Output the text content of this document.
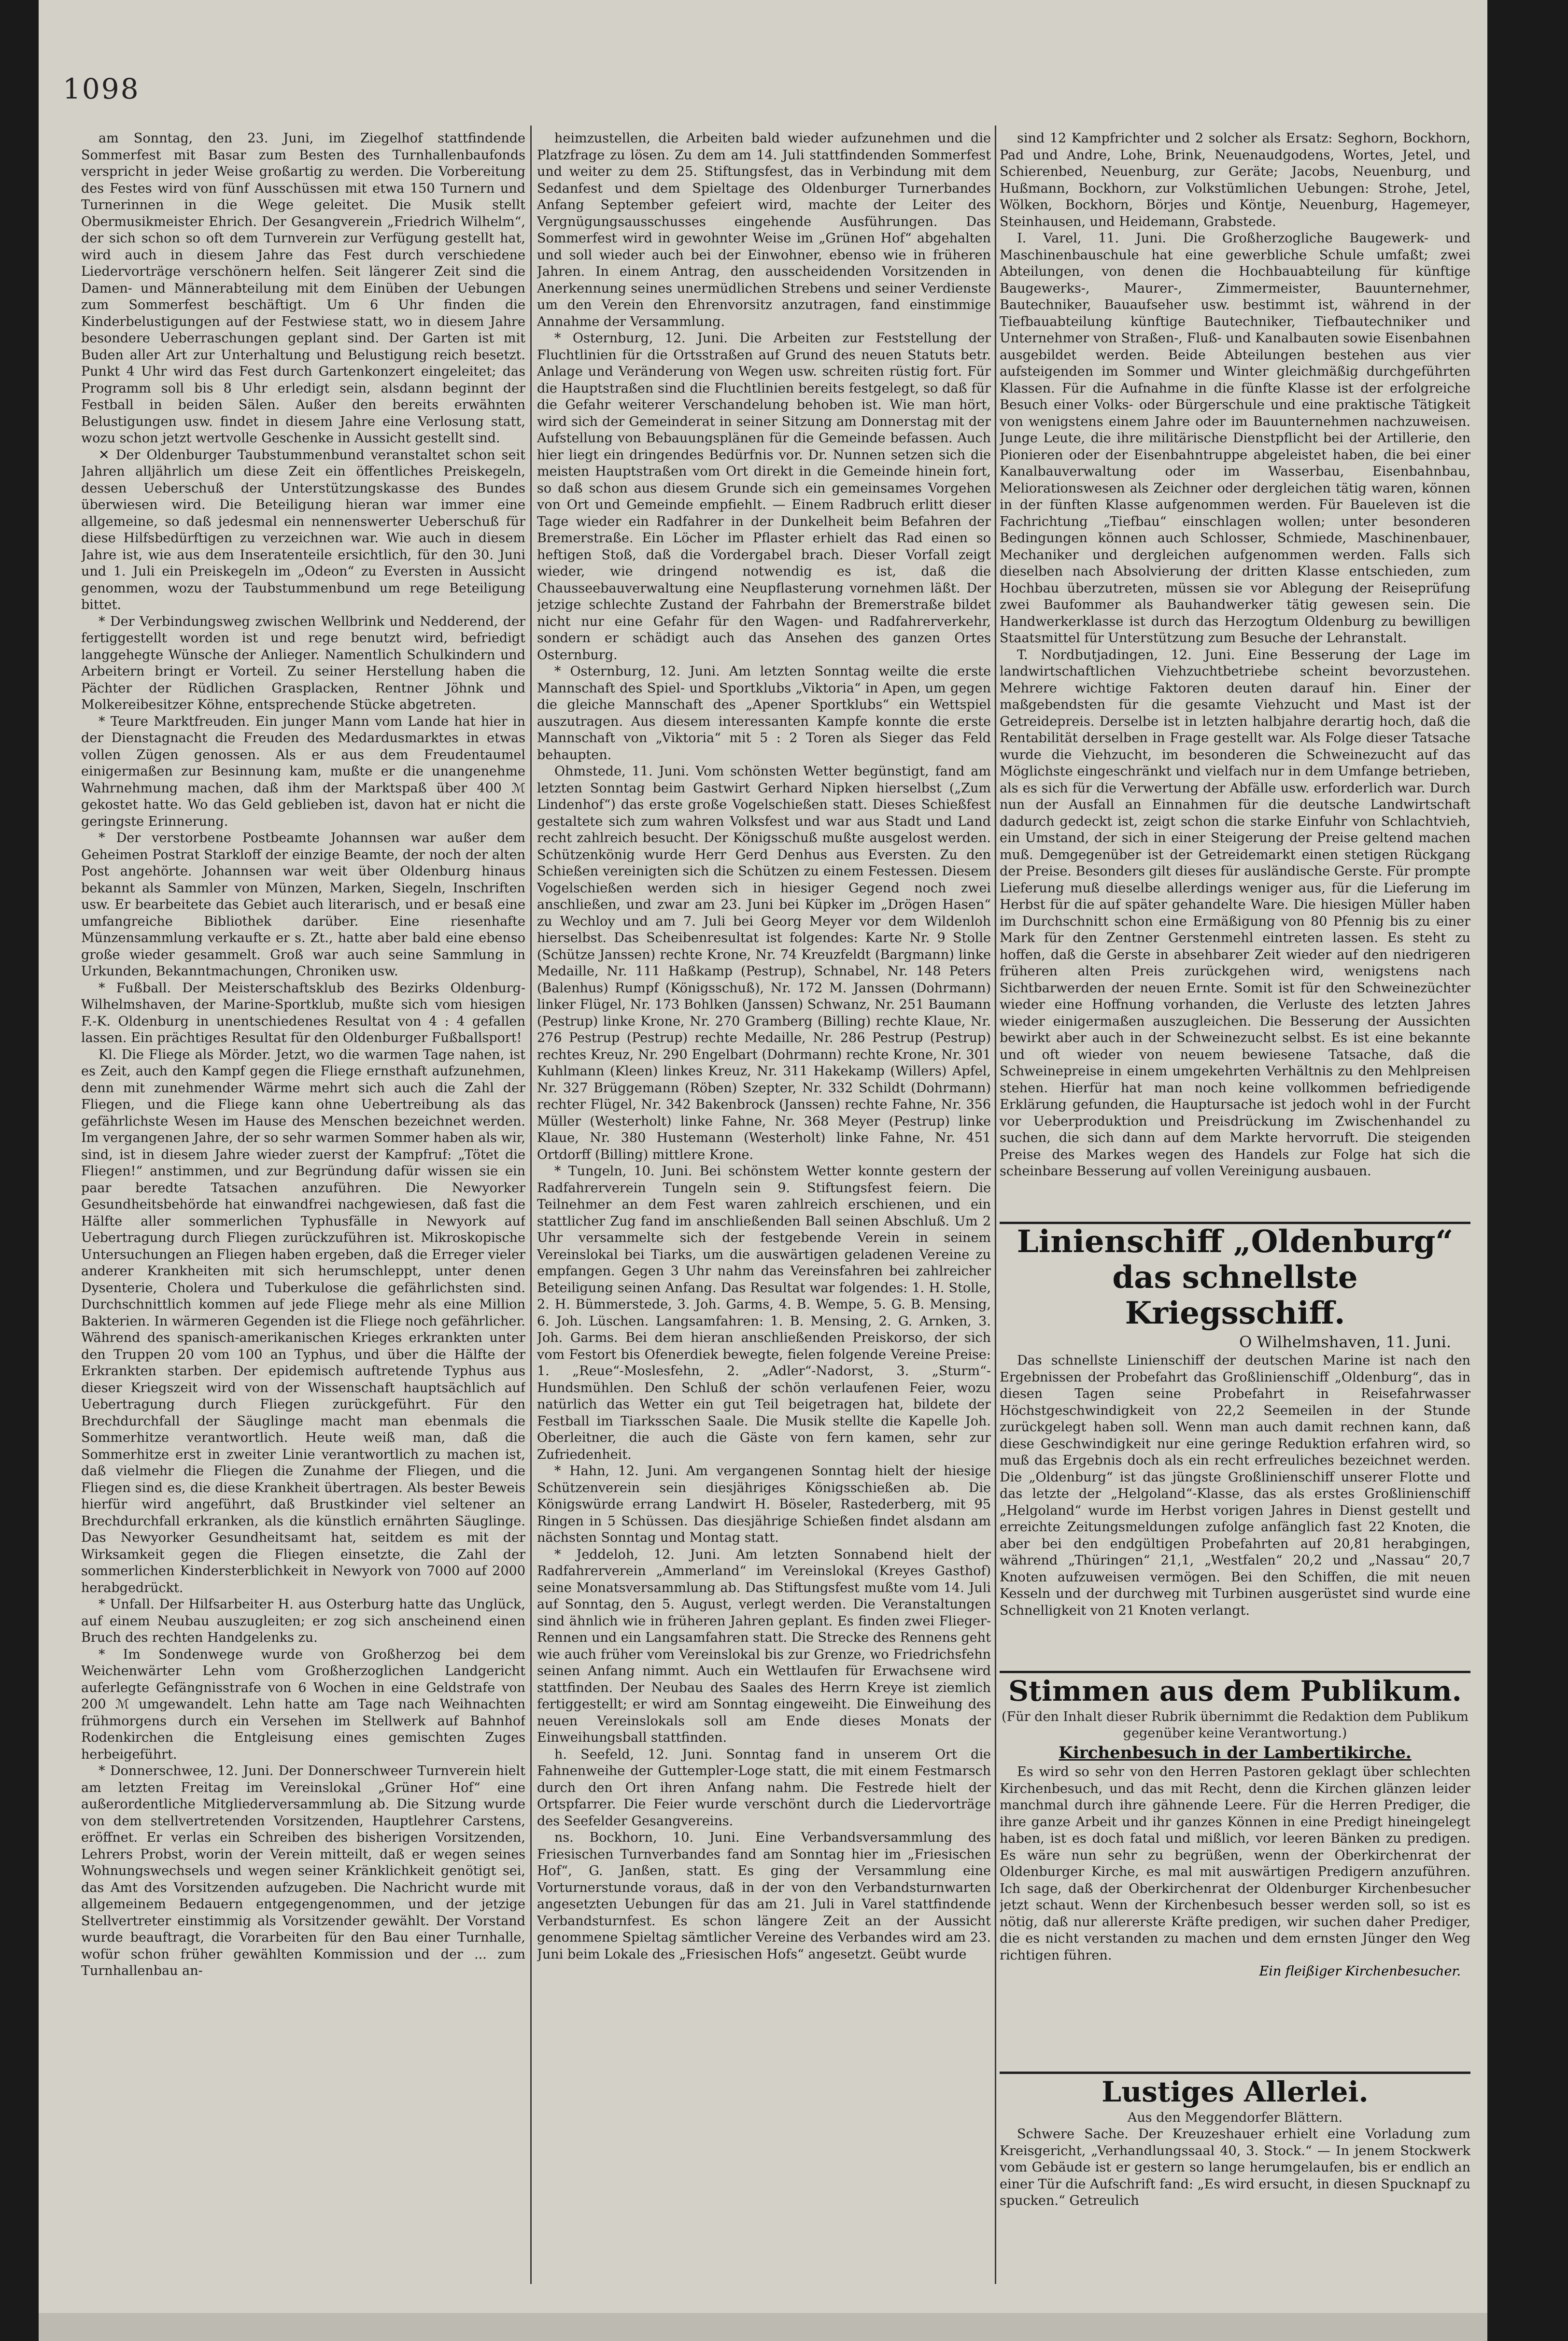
1098

am Sonntag, den 23. Juni, im Ziegelhof stattfindende Sommerfest mit Basar zum Besten des Turnhallenbaufonds verspricht in jeder Weise großartig zu werden. Die Vorbereitung des Festes wird von fünf Ausschüssen mit etwa 150 Turnern und Turnerinnen in die Wege geleitet. Die Musik stellt Obermusikmeister Ehrich. Der Gesangverein „Friedrich Wilhelm“, der sich schon so oft dem Turnverein zur Verfügung gestellt hat, wird auch in diesem Jahre das Fest durch verschiedene Liedervorträge verschönern helfen. Seit längerer Zeit sind die Damen- und Männerabteilung mit dem Einüben der Uebungen zum Sommerfest beschäftigt. Um 6 Uhr finden die Kinderbelustigungen auf der Festwiese statt, wo in diesem Jahre besondere Ueberraschungen geplant sind. Der Garten ist mit Buden aller Art zur Unterhaltung und Belustigung reich besetzt. Punkt 4 Uhr wird das Fest durch Gartenkonzert eingeleitet; das Programm soll bis 8 Uhr erledigt sein, alsdann beginnt der Festball in beiden Sälen. Außer den bereits erwähnten Belustigungen usw. findet in diesem Jahre eine Verlosung statt, wozu schon jetzt wertvolle Geschenke in Aussicht gestellt sind.

✕ Der Oldenburger Taubstummenbund veranstaltet schon seit Jahren alljährlich um diese Zeit ein öffentliches Preiskegeln, dessen Ueberschuß der Unterstützungskasse des Bundes überwiesen wird. Die Beteiligung hieran war immer eine allgemeine, so daß jedesmal ein nennenswerter Ueberschuß für diese Hilfsbedürftigen zu verzeichnen war. Wie auch in diesem Jahre ist, wie aus dem Inseratenteile ersichtlich, für den 30. Juni und 1. Juli ein Preiskegeln im „Odeon“ zu Eversten in Aussicht genommen, wozu der Taubstummenbund um rege Beteiligung bittet.

* Der Verbindungsweg zwischen Wellbrink und Nedderend, der fertiggestellt worden ist und rege benutzt wird, befriedigt langgehegte Wünsche der Anlieger. Namentlich Schulkindern und Arbeitern bringt er Vorteil. Zu seiner Herstellung haben die Pächter der Rüdlichen Grasplacken, Rentner Jöhnk und Molkereibesitzer Köhne, entsprechende Stücke abgetreten.

* Teure Marktfreuden. Ein junger Mann vom Lande hat hier in der Dienstagnacht die Freuden des Medardusmarktes in etwas vollen Zügen genossen. Als er aus dem Freudentaumel einigermaßen zur Besinnung kam, mußte er die unangenehme Wahrnehmung machen, daß ihm der Marktspaß über 400 ℳ gekostet hatte. Wo das Geld geblieben ist, davon hat er nicht die geringste Erinnerung.

* Der verstorbene Postbeamte Johannsen war außer dem Geheimen Postrat Starkloff der einzige Beamte, der noch der alten Post angehörte. Johannsen war weit über Oldenburg hinaus bekannt als Sammler von Münzen, Marken, Siegeln, Inschriften usw. Er bearbeitete das Gebiet auch literarisch, und er besaß eine umfangreiche Bibliothek darüber. Eine riesenhafte Münzensammlung verkaufte er s. Zt., hatte aber bald eine ebenso große wieder gesammelt. Groß war auch seine Sammlung in Urkunden, Bekanntmachungen, Chroniken usw.

* Fußball. Der Meisterschaftsklub des Bezirks Oldenburg-Wilhelmshaven, der Marine-Sportklub, mußte sich vom hiesigen F.-K. Oldenburg in unentschiedenes Resultat von 4 : 4 gefallen lassen. Ein prächtiges Resultat für den Oldenburger Fußballsport!

Kl. Die Fliege als Mörder. Jetzt, wo die warmen Tage nahen, ist es Zeit, auch den Kampf gegen die Fliege ernsthaft aufzunehmen, denn mit zunehmender Wärme mehrt sich auch die Zahl der Fliegen, und die Fliege kann ohne Uebertreibung als das gefährlichste Wesen im Hause des Menschen bezeichnet werden. Im vergangenen Jahre, der so sehr warmen Sommer haben als wir, sind, ist in diesem Jahre wieder zuerst der Kampfruf: „Tötet die Fliegen!“ anstimmen, und zur Begründung dafür wissen sie ein paar beredte Tatsachen anzuführen. Die Newyorker Gesundheitsbehörde hat einwandfrei nachgewiesen, daß fast die Hälfte aller sommerlichen Typhusfälle in Newyork auf Uebertragung durch Fliegen zurückzuführen ist. Mikroskopische Untersuchungen an Fliegen haben ergeben, daß die Erreger vieler anderer Krankheiten mit sich herumschleppt, unter denen Dysenterie, Cholera und Tuberkulose die gefährlichsten sind. Durchschnittlich kommen auf jede Fliege mehr als eine Million Bakterien. In wärmeren Gegenden ist die Fliege noch gefährlicher. Während des spanisch-amerikanischen Krieges erkrankten unter den Truppen 20 vom 100 an Typhus, und über die Hälfte der Erkrankten starben. Der epidemisch auftretende Typhus aus dieser Kriegszeit wird von der Wissenschaft hauptsächlich auf Uebertragung durch Fliegen zurückgeführt. Für den Brechdurchfall der Säuglinge macht man ebenmals die Sommerhitze verantwortlich. Heute weiß man, daß die Sommerhitze erst in zweiter Linie verantwortlich zu machen ist, daß vielmehr die Fliegen die Zunahme der Fliegen, und die Fliegen sind es, die diese Krankheit übertragen. Als bester Beweis hierfür wird angeführt, daß Brustkinder viel seltener an Brechdurchfall erkranken, als die künstlich ernährten Säuglinge. Das Newyorker Gesundheitsamt hat, seitdem es mit der Wirksamkeit gegen die Fliegen einsetzte, die Zahl der sommerlichen Kindersterblichkeit in Newyork von 7000 auf 2000 herabgedrückt.

* Unfall. Der Hilfsarbeiter H. aus Osterburg hatte das Unglück, auf einem Neubau auszugleiten; er zog sich anscheinend einen Bruch des rechten Handgelenks zu.

* Im Sondenwege wurde von Großherzog bei dem Weichenwärter Lehn vom Großherzoglichen Landgericht auferlegte Gefängnisstrafe von 6 Wochen in eine Geldstrafe von 200 ℳ umgewandelt. Lehn hatte am Tage nach Weihnachten frühmorgens durch ein Versehen im Stellwerk auf Bahnhof Rodenkirchen die Entgleisung eines gemischten Zuges herbeigeführt.

* Donnerschwee, 12. Juni. Der Donnerschweer Turnverein hielt am letzten Freitag im Vereinslokal „Grüner Hof“ eine außerordentliche Mitgliederversammlung ab. Die Sitzung wurde von dem stellvertretenden Vorsitzenden, Hauptlehrer Carstens, eröffnet. Er verlas ein Schreiben des bisherigen Vorsitzenden, Lehrers Probst, worin der Verein mitteilt, daß er wegen seines Wohnungswechsels und wegen seiner Kränklichkeit genötigt sei, das Amt des Vorsitzenden aufzugeben. Die Nachricht wurde mit allgemeinem Bedauern entgegengenommen, und der jetzige Stellvertreter einstimmig als Vorsitzender gewählt. Der Vorstand wurde beauftragt, die Vorarbeiten für den Bau einer Turnhalle, wofür schon früher gewählten Kommission und der ... zum Turnhallenbau an-

heimzustellen, die Arbeiten bald wieder aufzunehmen und die Platzfrage zu lösen. Zu dem am 14. Juli stattfindenden Sommerfest und weiter zu dem 25. Stiftungsfest, das in Verbindung mit dem Sedanfest und dem Spieltage des Oldenburger Turnerbandes Anfang September gefeiert wird, machte der Leiter des Vergnügungsausschusses eingehende Ausführungen. Das Sommerfest wird in gewohnter Weise im „Grünen Hof“ abgehalten und soll wieder auch bei der Einwohner, ebenso wie in früheren Jahren. In einem Antrag, den ausscheidenden Vorsitzenden in Anerkennung seines unermüdlichen Strebens und seiner Verdienste um den Verein den Ehrenvorsitz anzutragen, fand einstimmige Annahme der Versammlung.

* Osternburg, 12. Juni. Die Arbeiten zur Feststellung der Fluchtlinien für die Ortsstraßen auf Grund des neuen Statuts betr. Anlage und Veränderung von Wegen usw. schreiten rüstig fort. Für die Hauptstraßen sind die Fluchtlinien bereits festgelegt, so daß für die Gefahr weiterer Verschandelung behoben ist. Wie man hört, wird sich der Gemeinderat in seiner Sitzung am Donnerstag mit der Aufstellung von Bebauungsplänen für die Gemeinde befassen. Auch hier liegt ein dringendes Bedürfnis vor. Dr. Nunnen setzen sich die meisten Hauptstraßen vom Ort direkt in die Gemeinde hinein fort, so daß schon aus diesem Grunde sich ein gemeinsames Vorgehen von Ort und Gemeinde empfiehlt. — Einem Radbruch erlitt dieser Tage wieder ein Radfahrer in der Dunkelheit beim Befahren der Bremerstraße. Ein Löcher im Pflaster erhielt das Rad einen so heftigen Stoß, daß die Vordergabel brach. Dieser Vorfall zeigt wieder, wie dringend notwendig es ist, daß die Chausseebauverwaltung eine Neupflasterung vornehmen läßt. Der jetzige schlechte Zustand der Fahrbahn der Bremerstraße bildet nicht nur eine Gefahr für den Wagen- und Radfahrerverkehr, sondern er schädigt auch das Ansehen des ganzen Ortes Osternburg.

* Osternburg, 12. Juni. Am letzten Sonntag weilte die erste Mannschaft des Spiel- und Sportklubs „Viktoria“ in Apen, um gegen die gleiche Mannschaft des „Apener Sportklubs“ ein Wettspiel auszutragen. Aus diesem interessanten Kampfe konnte die erste Mannschaft von „Viktoria“ mit 5 : 2 Toren als Sieger das Feld behaupten.

Ohmstede, 11. Juni. Vom schönsten Wetter begünstigt, fand am letzten Sonntag beim Gastwirt Gerhard Nipken hierselbst („Zum Lindenhof“) das erste große Vogelschießen statt. Dieses Schießfest gestaltete sich zum wahren Volksfest und war aus Stadt und Land recht zahlreich besucht. Der Königsschuß mußte ausgelost werden. Schützenkönig wurde Herr Gerd Denhus aus Eversten. Zu den Schießen vereinigten sich die Schützen zu einem Festessen. Diesem Vogelschießen werden sich in hiesiger Gegend noch zwei anschließen, und zwar am 23. Juni bei Küpker im „Drögen Hasen“ zu Wechloy und am 7. Juli bei Georg Meyer vor dem Wildenloh hierselbst. Das Scheibenresultat ist folgendes: Karte Nr. 9 Stolle (Schütze Janssen) rechte Krone, Nr. 74 Kreuzfeldt (Bargmann) linke Medaille, Nr. 111 Haßkamp (Pestrup), Schnabel, Nr. 148 Peters (Balenhus) Rumpf (Königsschuß), Nr. 172 M. Janssen (Dohrmann) linker Flügel, Nr. 173 Bohlken (Janssen) Schwanz, Nr. 251 Baumann (Pestrup) linke Krone, Nr. 270 Gramberg (Billing) rechte Klaue, Nr. 276 Pestrup (Pestrup) rechte Medaille, Nr. 286 Pestrup (Pestrup) rechtes Kreuz, Nr. 290 Engelbart (Dohrmann) rechte Krone, Nr. 301 Kuhlmann (Kleen) linkes Kreuz, Nr. 311 Hakekamp (Willers) Apfel, Nr. 327 Brüggemann (Röben) Szepter, Nr. 332 Schildt (Dohrmann) rechter Flügel, Nr. 342 Bakenbrock (Janssen) rechte Fahne, Nr. 356 Müller (Westerholt) linke Fahne, Nr. 368 Meyer (Pestrup) linke Klaue, Nr. 380 Hustemann (Westerholt) linke Fahne, Nr. 451 Ortdorff (Billing) mittlere Krone.

* Tungeln, 10. Juni. Bei schönstem Wetter konnte gestern der Radfahrerverein Tungeln sein 9. Stiftungsfest feiern. Die Teilnehmer an dem Fest waren zahlreich erschienen, und ein stattlicher Zug fand im anschließenden Ball seinen Abschluß. Um 2 Uhr versammelte sich der festgebende Verein in seinem Vereinslokal bei Tiarks, um die auswärtigen geladenen Vereine zu empfangen. Gegen 3 Uhr nahm das Vereinsfahren bei zahlreicher Beteiligung seinen Anfang. Das Resultat war folgendes: 1. H. Stolle, 2. H. Bümmerstede, 3. Joh. Garms, 4. B. Wempe, 5. G. B. Mensing, 6. Joh. Lüschen. Langsamfahren: 1. B. Mensing, 2. G. Arnken, 3. Joh. Garms. Bei dem hieran anschließenden Preiskorso, der sich vom Festort bis Ofenerdiek bewegte, fielen folgende Vereine Preise: 1. „Reue“-Moslesfehn, 2. „Adler“-Nadorst, 3. „Sturm“-Hundsmühlen. Den Schluß der schön verlaufenen Feier, wozu natürlich das Wetter ein gut Teil beigetragen hat, bildete der Festball im Tiarksschen Saale. Die Musik stellte die Kapelle Joh. Oberleitner, die auch die Gäste von fern kamen, sehr zur Zufriedenheit.

* Hahn, 12. Juni. Am vergangenen Sonntag hielt der hiesige Schützenverein sein diesjähriges Königsschießen ab. Die Königswürde errang Landwirt H. Böseler, Rastederberg, mit 95 Ringen in 5 Schüssen. Das diesjährige Schießen findet alsdann am nächsten Sonntag und Montag statt.

* Jeddeloh, 12. Juni. Am letzten Sonnabend hielt der Radfahrerverein „Ammerland“ im Vereinslokal (Kreyes Gasthof) seine Monatsversammlung ab. Das Stiftungsfest mußte vom 14. Juli auf Sonntag, den 5. August, verlegt werden. Die Veranstaltungen sind ähnlich wie in früheren Jahren geplant. Es finden zwei Flieger-Rennen und ein Langsamfahren statt. Die Strecke des Rennens geht wie auch früher vom Vereinslokal bis zur Grenze, wo Friedrichsfehn seinen Anfang nimmt. Auch ein Wettlaufen für Erwachsene wird stattfinden. Der Neubau des Saales des Herrn Kreye ist ziemlich fertiggestellt; er wird am Sonntag eingeweiht. Die Einweihung des neuen Vereinslokals soll am Ende dieses Monats der Einweihungsball stattfinden.

h. Seefeld, 12. Juni. Sonntag fand in unserem Ort die Fahnenweihe der Guttempler-Loge statt, die mit einem Festmarsch durch den Ort ihren Anfang nahm. Die Festrede hielt der Ortspfarrer. Die Feier wurde verschönt durch die Liedervorträge des Seefelder Gesangvereins.

ns. Bockhorn, 10. Juni. Eine Verbandsversammlung des Friesischen Turnverbandes fand am Sonntag hier im „Friesischen Hof“, G. Janßen, statt. Es ging der Versammlung eine Vorturnerstunde voraus, daß in der von den Verbandsturnwarten angesetzten Uebungen für das am 21. Juli in Varel stattfindende Verbandsturnfest. Es schon längere Zeit an der Aussicht genommene Spieltag sämtlicher Vereine des Verbandes wird am 23. Juni beim Lokale des „Friesischen Hofs“ angesetzt. Geübt wurde

sind 12 Kampfrichter und 2 solcher als Ersatz: Seghorn, Bockhorn, Pad und Andre, Lohe, Brink, Neuenaudgodens, Wortes, Jetel, und Schierenbed, Neuenburg, zur Geräte; Jacobs, Neuenburg, und Hußmann, Bockhorn, zur Volkstümlichen Uebungen: Strohe, Jetel, Wölken, Bockhorn, Börjes und Köntje, Neuenburg, Hagemeyer, Steinhausen, und Heidemann, Grabstede.

I. Varel, 11. Juni. Die Großherzogliche Baugewerk- und Maschinenbauschule hat eine gewerbliche Schule umfaßt; zwei Abteilungen, von denen die Hochbauabteilung für künftige Baugewerks-, Maurer-, Zimmermeister, Bauunternehmer, Bautechniker, Bauaufseher usw. bestimmt ist, während in der Tiefbauabteilung künftige Bautechniker, Tiefbautechniker und Unternehmer von Straßen-, Fluß- und Kanalbauten sowie Eisenbahnen ausgebildet werden. Beide Abteilungen bestehen aus vier aufsteigenden im Sommer und Winter gleichmäßig durchgeführten Klassen. Für die Aufnahme in die fünfte Klasse ist der erfolgreiche Besuch einer Volks- oder Bürgerschule und eine praktische Tätigkeit von wenigstens einem Jahre oder im Bauunternehmen nachzuweisen. Junge Leute, die ihre militärische Dienstpflicht bei der Artillerie, den Pionieren oder der Eisenbahntruppe abgeleistet haben, die bei einer Kanalbauverwaltung oder im Wasserbau, Eisenbahnbau, Meliorationswesen als Zeichner oder dergleichen tätig waren, können in der fünften Klasse aufgenommen werden. Für Baueleven ist die Fachrichtung „Tiefbau“ einschlagen wollen; unter besonderen Bedingungen können auch Schlosser, Schmiede, Maschinenbauer, Mechaniker und dergleichen aufgenommen werden. Falls sich dieselben nach Absolvierung der dritten Klasse entschieden, zum Hochbau überzutreten, müssen sie vor Ablegung der Reiseprüfung zwei Baufommer als Bauhandwerker tätig gewesen sein. Die Handwerkerklasse ist durch das Herzogtum Oldenburg zu bewilligen Staatsmittel für Unterstützung zum Besuche der Lehranstalt.

T. Nordbutjadingen, 12. Juni. Eine Besserung der Lage im landwirtschaftlichen Viehzuchtbetriebe scheint bevorzustehen. Mehrere wichtige Faktoren deuten darauf hin. Einer der maßgebendsten für die gesamte Viehzucht und Mast ist der Getreidepreis. Derselbe ist in letzten halbjahre derartig hoch, daß die Rentabilität derselben in Frage gestellt war. Als Folge dieser Tatsache wurde die Viehzucht, im besonderen die Schweinezucht auf das Möglichste eingeschränkt und vielfach nur in dem Umfange betrieben, als es sich für die Verwertung der Abfälle usw. erforderlich war. Durch nun der Ausfall an Einnahmen für die deutsche Landwirtschaft dadurch gedeckt ist, zeigt schon die starke Einfuhr von Schlachtvieh, ein Umstand, der sich in einer Steigerung der Preise geltend machen muß. Demgegenüber ist der Getreidemarkt einen stetigen Rückgang der Preise. Besonders gilt dieses für ausländische Gerste. Für prompte Lieferung muß dieselbe allerdings weniger aus, für die Lieferung im Herbst für die auf später gehandelte Ware. Die hiesigen Müller haben im Durchschnitt schon eine Ermäßigung von 80 Pfennig bis zu einer Mark für den Zentner Gerstenmehl eintreten lassen. Es steht zu hoffen, daß die Gerste in absehbarer Zeit wieder auf den niedrigeren früheren alten Preis zurückgehen wird, wenigstens nach Sichtbarwerden der neuen Ernte. Somit ist für den Schweinezüchter wieder eine Hoffnung vorhanden, die Verluste des letzten Jahres wieder einigermaßen auszugleichen. Die Besserung der Aussichten bewirkt aber auch in der Schweinezucht selbst. Es ist eine bekannte und oft wieder von neuem bewiesene Tatsache, daß die Schweinepreise in einem umgekehrten Verhältnis zu den Mehlpreisen stehen. Hierfür hat man noch keine vollkommen befriedigende Erklärung gefunden, die Hauptursache ist jedoch wohl in der Furcht vor Ueberproduktion und Preisdrückung im Zwischenhandel zu suchen, die sich dann auf dem Markte hervorruft. Die steigenden Preise des Markes wegen des Handels zur Folge hat sich die scheinbare Besserung auf vollen Vereinigung ausbauen.

Linienschiff „Oldenburg“
das schnellste Kriegsschiff.
O Wilhelmshaven, 11. Juni.

Das schnellste Linienschiff der deutschen Marine ist nach den Ergebnissen der Probefahrt das Großlinienschiff „Oldenburg“, das in diesen Tagen seine Probefahrt in Reisefahrwasser Höchstgeschwindigkeit von 22,2 Seemeilen in der Stunde zurückgelegt haben soll. Wenn man auch damit rechnen kann, daß diese Geschwindigkeit nur eine geringe Reduktion erfahren wird, so muß das Ergebnis doch als ein recht erfreuliches bezeichnet werden. Die „Oldenburg“ ist das jüngste Großlinienschiff unserer Flotte und das letzte der „Helgoland“-Klasse, das als erstes Großlinienschiff „Helgoland“ wurde im Herbst vorigen Jahres in Dienst gestellt und erreichte Zeitungsmeldungen zufolge anfänglich fast 22 Knoten, die aber bei den endgültigen Probefahrten auf 20,81 herabgingen, während „Thüringen“ 21,1, „Westfalen“ 20,2 und „Nassau“ 20,7 Knoten aufzuweisen vermögen. Bei den Schiffen, die mit neuen Kesseln und der durchweg mit Turbinen ausgerüstet sind wurde eine Schnelligkeit von 21 Knoten verlangt.

Stimmen aus dem Publikum.
(Für den Inhalt dieser Rubrik übernimmt die Redaktion dem Publikum gegenüber keine Verantwortung.)
Kirchenbesuch in der Lambertikirche.

Es wird so sehr von den Herren Pastoren geklagt über schlechten Kirchenbesuch, und das mit Recht, denn die Kirchen glänzen leider manchmal durch ihre gähnende Leere. Für die Herren Prediger, die ihre ganze Arbeit und ihr ganzes Können in eine Predigt hineingelegt haben, ist es doch fatal und mißlich, vor leeren Bänken zu predigen. Es wäre nun sehr zu begrüßen, wenn der Oberkirchenrat der Oldenburger Kirche, es mal mit auswärtigen Predigern anzuführen. Ich sage, daß der Oberkirchenrat der Oldenburger Kirchenbesucher jetzt schaut. Wenn der Kirchenbesuch besser werden soll, so ist es nötig, daß nur allererste Kräfte predigen, wir suchen daher Prediger, die es nicht verstanden zu machen und dem ernsten Jünger den Weg richtigen führen.

Ein fleißiger Kirchenbesucher.
Lustiges Allerlei.
Aus den Meggendorfer Blättern.

Schwere Sache. Der Kreuzeshauer erhielt eine Vorladung zum Kreisgericht, „Verhandlungssaal 40, 3. Stock.“ — In jenem Stockwerk vom Gebäude ist er gestern so lange herumgelaufen, bis er endlich an einer Tür die Aufschrift fand: „Es wird ersucht, in diesen Spucknapf zu spucken.“ Getreulich
